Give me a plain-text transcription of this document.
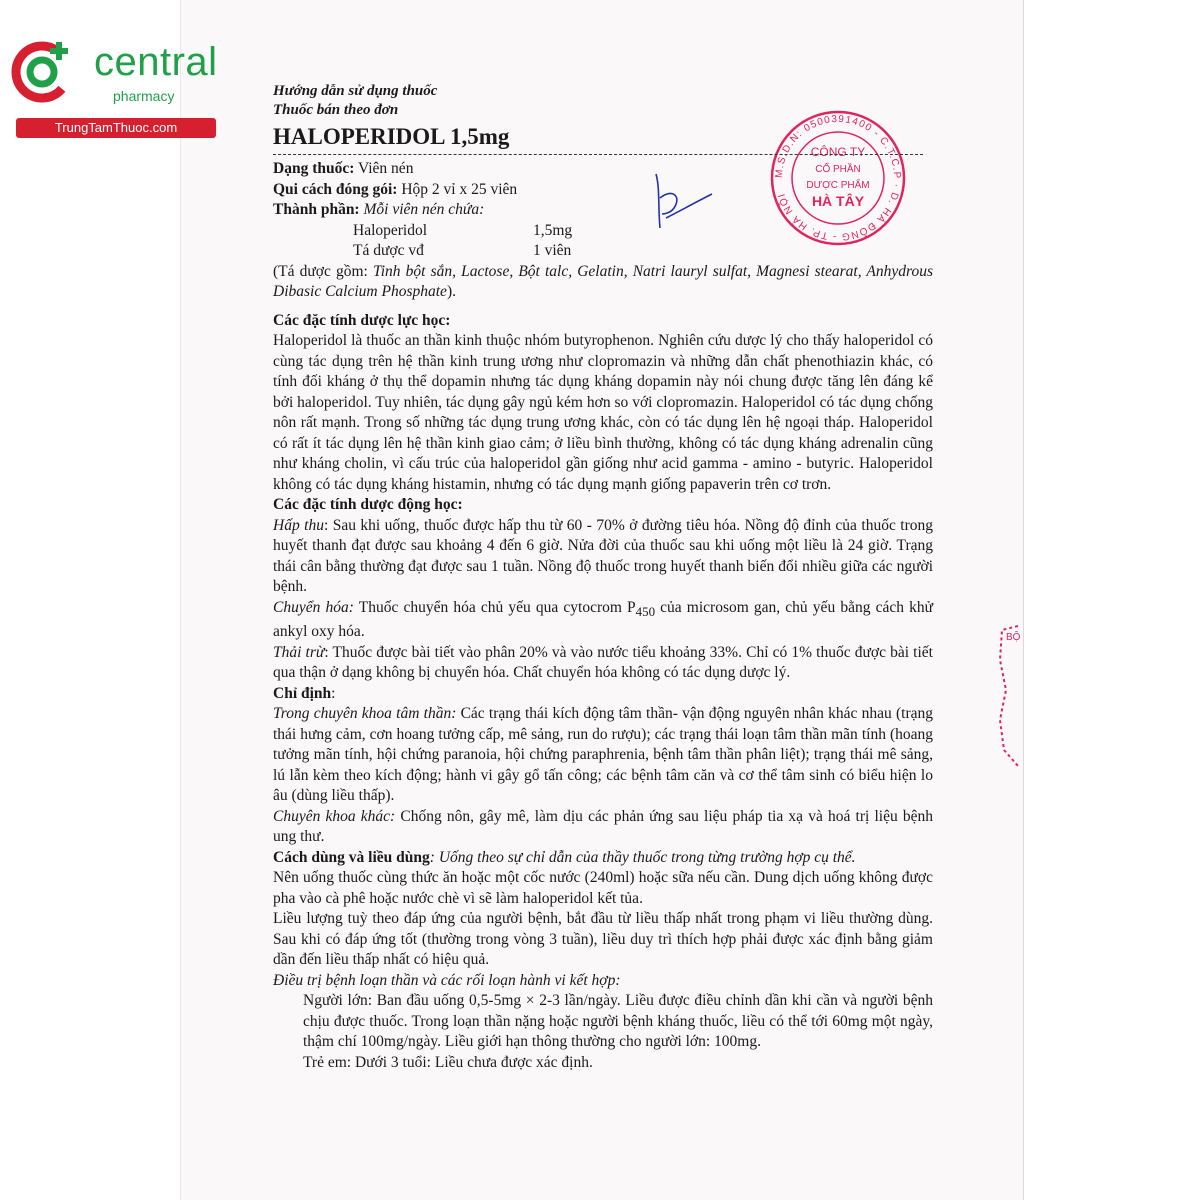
central
pharmacy
TrungTamThuoc.com
M.S.D.N: 0500391400 - C.T.C.P · D. HÀ ĐÔNG - TP. HÀ NỘI
CÔNG TY
CỔ PHẦN
DƯỢC PHẨM
HÀ TÂY
BỘ
Hướng dẫn sử dụng thuốc
Thuốc bán theo đơn
HALOPERIDOL 1,5mg

Dạng thuốc: Viên nén

Qui cách đóng gói: Hộp 2 vỉ x 25 viên

Thành phần: Mỗi viên nén chứa:

Haloperidol	1,5mg
Tá dược vđ	1 viên

(Tá dược gồm: Tinh bột sắn, Lactose, Bột talc, Gelatin, Natri lauryl sulfat, Magnesi stearat, Anhydrous Dibasic Calcium Phosphate).

Các đặc tính dược lực học:

Haloperidol là thuốc an thần kinh thuộc nhóm butyrophenon. Nghiên cứu dược lý cho thấy haloperidol có cùng tác dụng trên hệ thần kinh trung ương như clopromazin và những dẫn chất phenothiazin khác, có tính đối kháng ở thụ thể dopamin nhưng tác dụng kháng dopamin này nói chung được tăng lên đáng kể bởi haloperidol. Tuy nhiên, tác dụng gây ngủ kém hơn so với clopromazin. Haloperidol có tác dụng chống nôn rất mạnh. Trong số những tác dụng trung ương khác, còn có tác dụng lên hệ ngoại tháp. Haloperidol có rất ít tác dụng lên hệ thần kinh giao cảm; ở liều bình thường, không có tác dụng kháng adrenalin cũng như kháng cholin, vì cấu trúc của haloperidol gần giống như acid gamma - amino - butyric. Haloperidol không có tác dụng kháng histamin, nhưng có tác dụng mạnh giống papaverin trên cơ trơn.

Các đặc tính dược động học:

Hấp thu: Sau khi uống, thuốc được hấp thu từ 60 - 70% ở đường tiêu hóa. Nồng độ đỉnh của thuốc trong huyết thanh đạt được sau khoảng 4 đến 6 giờ. Nửa đời của thuốc sau khi uống một liều là 24 giờ. Trạng thái cân bằng thường đạt được sau 1 tuần. Nồng độ thuốc trong huyết thanh biến đổi nhiều giữa các người bệnh.

Chuyển hóa: Thuốc chuyển hóa chủ yếu qua cytocrom $P_{450}$ của microsom gan, chủ yếu bằng cách khử ankyl oxy hóa.

Thải trừ: Thuốc được bài tiết vào phân 20% và vào nước tiểu khoảng 33%. Chỉ có 1% thuốc được bài tiết qua thận ở dạng không bị chuyển hóa. Chất chuyển hóa không có tác dụng dược lý.

Chỉ định:

Trong chuyên khoa tâm thần: Các trạng thái kích động tâm thần- vận động nguyên nhân khác nhau (trạng thái hưng cảm, cơn hoang tưởng cấp, mê sảng, run do rượu); các trạng thái loạn tâm thần mãn tính (hoang tưởng mãn tính, hội chứng paranoia, hội chứng paraphrenia, bệnh tâm thần phân liệt); trạng thái mê sảng, lú lẫn kèm theo kích động; hành vi gây gổ tấn công; các bệnh tâm căn và cơ thể tâm sinh có biểu hiện lo âu (dùng liều thấp).

Chuyên khoa khác: Chống nôn, gây mê, làm dịu các phản ứng sau liệu pháp tia xạ và hoá trị liệu bệnh ung thư.

Cách dùng và liều dùng: Uống theo sự chỉ dẫn của thầy thuốc trong từng trường hợp cụ thể.

Nên uống thuốc cùng thức ăn hoặc một cốc nước (240ml) hoặc sữa nếu cần. Dung dịch uống không được pha vào cà phê hoặc nước chè vì sẽ làm haloperidol kết tủa.

Liều lượng tuỳ theo đáp ứng của người bệnh, bắt đầu từ liều thấp nhất trong phạm vi liều thường dùng. Sau khi có đáp ứng tốt (thường trong vòng 3 tuần), liều duy trì thích hợp phải được xác định bằng giảm dần đến liều thấp nhất có hiệu quả.

Điều trị bệnh loạn thần và các rối loạn hành vi kết hợp:

Người lớn: Ban đầu uống 0,5-5mg × 2-3 lần/ngày. Liều được điều chỉnh dần khi cần và người bệnh chịu được thuốc. Trong loạn thần nặng hoặc người bệnh kháng thuốc, liều có thể tới 60mg một ngày, thậm chí 100mg/ngày. Liều giới hạn thông thường cho người lớn: 100mg.

Trẻ em: Dưới 3 tuổi: Liều chưa được xác định.
